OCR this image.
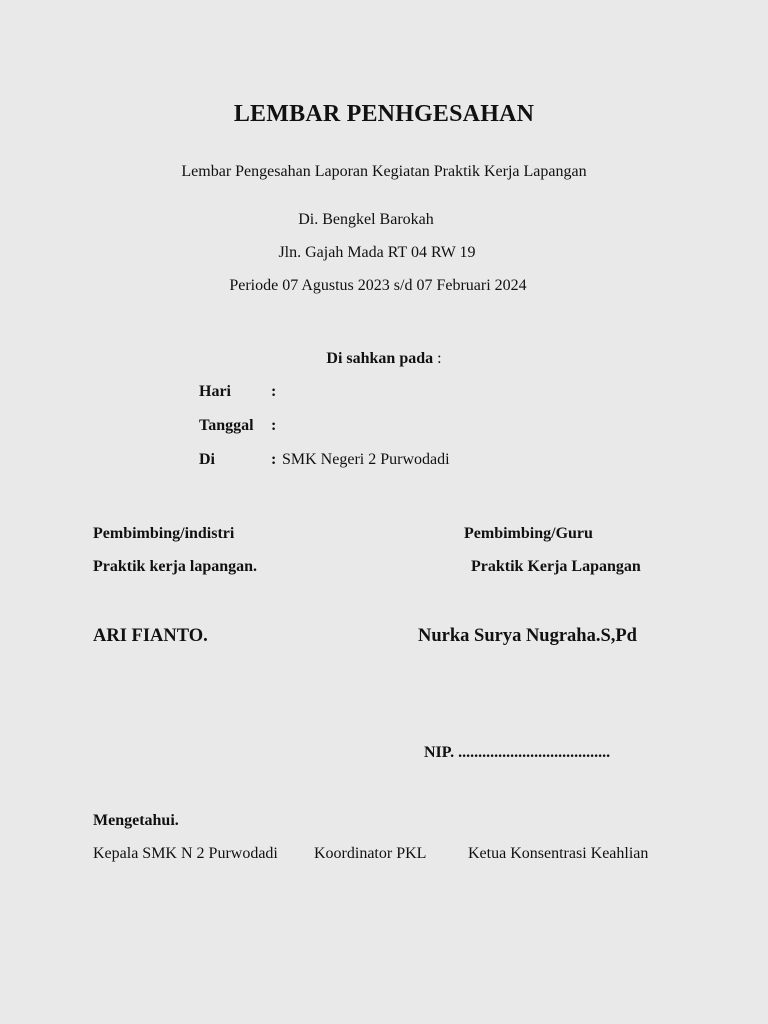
LEMBAR PENHGESAHAN
Lembar Pengesahan Laporan Kegiatan Praktik Kerja Lapangan
Di. Bengkel Barokah
Jln. Gajah Mada RT 04 RW 19
Periode 07 Agustus 2023 s/d 07 Februari 2024
Di sahkan pada :
Hari	:
Tanggal :
Di	: SMK Negeri 2 Purwodadi
Pembimbing/indistri	Pembimbing/Guru
Praktik kerja lapangan.	Praktik Kerja Lapangan
ARI FIANTO.	Nurka Surya Nugraha.S,Pd
NIP. ......................................
Mengetahui.
Kepala SMK N 2 Purwodadi Koordinator PKL	Ketua Konsentrasi Keahlian
